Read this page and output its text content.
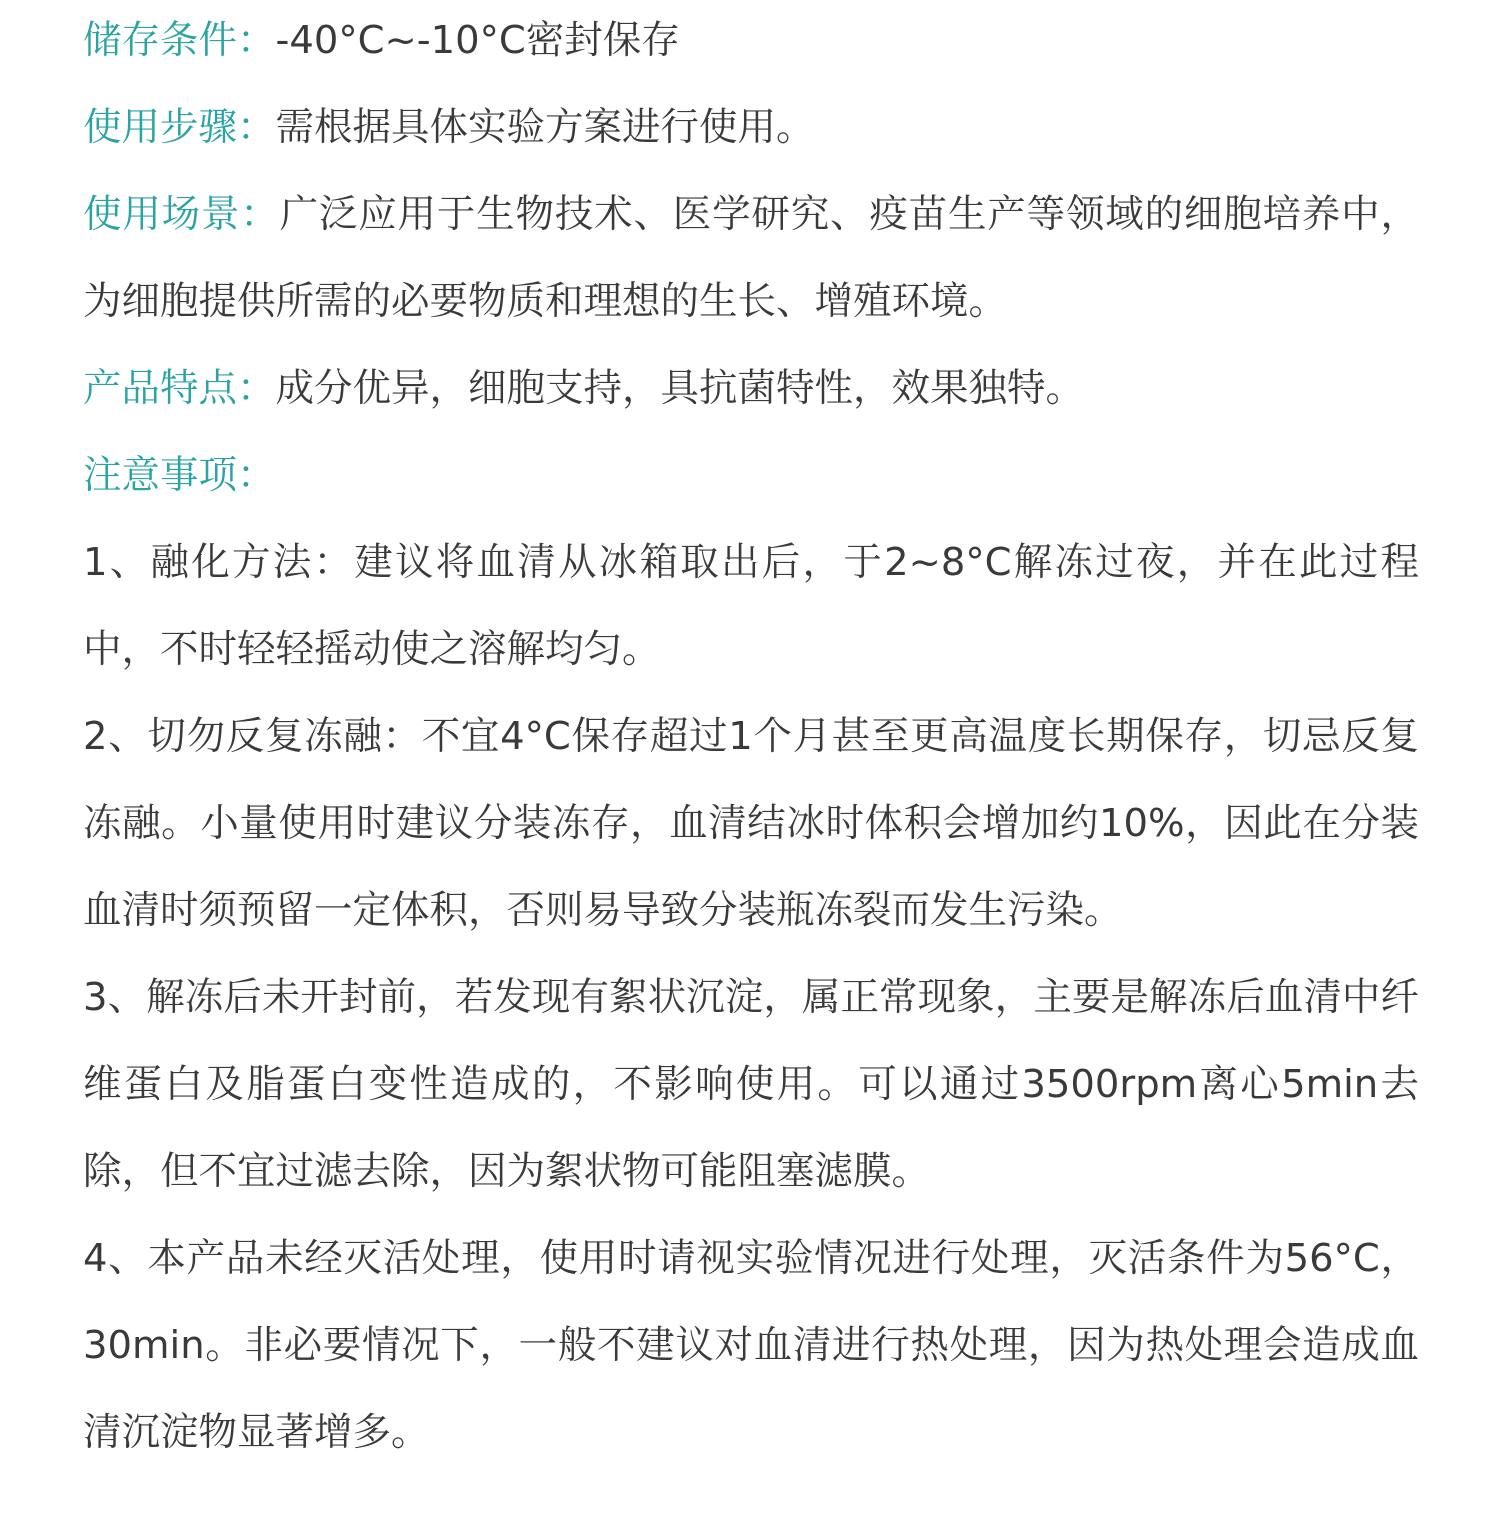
储存条件：-40°C~-10°C密封保存

使用步骤：需根据具体实验方案进行使用。

使用场景：广泛应用于生物技术、医学研究、疫苗生产等领域的细胞培养中，为细胞提供所需的必要物质和理想的生长、增殖环境。

产品特点：成分优异，细胞支持，具抗菌特性，效果独特。

注意事项：

1、融化方法：建议将血清从冰箱取出后，于2~8°C解冻过夜，并在此过程中，不时轻轻摇动使之溶解均匀。

2、切勿反复冻融：不宜4°C保存超过1个月甚至更高温度长期保存，切忌反复冻融。小量使用时建议分装冻存，血清结冰时体积会增加约10%，因此在分装血清时须预留一定体积，否则易导致分装瓶冻裂而发生污染。

3、解冻后未开封前，若发现有絮状沉淀，属正常现象，主要是解冻后血清中纤维蛋白及脂蛋白变性造成的，不影响使用。可以通过3500rpm离心5min去除，但不宜过滤去除，因为絮状物可能阻塞滤膜。

4、本产品未经灭活处理，使用时请视实验情况进行处理，灭活条件为56°C，30min。非必要情况下，一般不建议对血清进行热处理，因为热处理会造成血清沉淀物显著增多。
